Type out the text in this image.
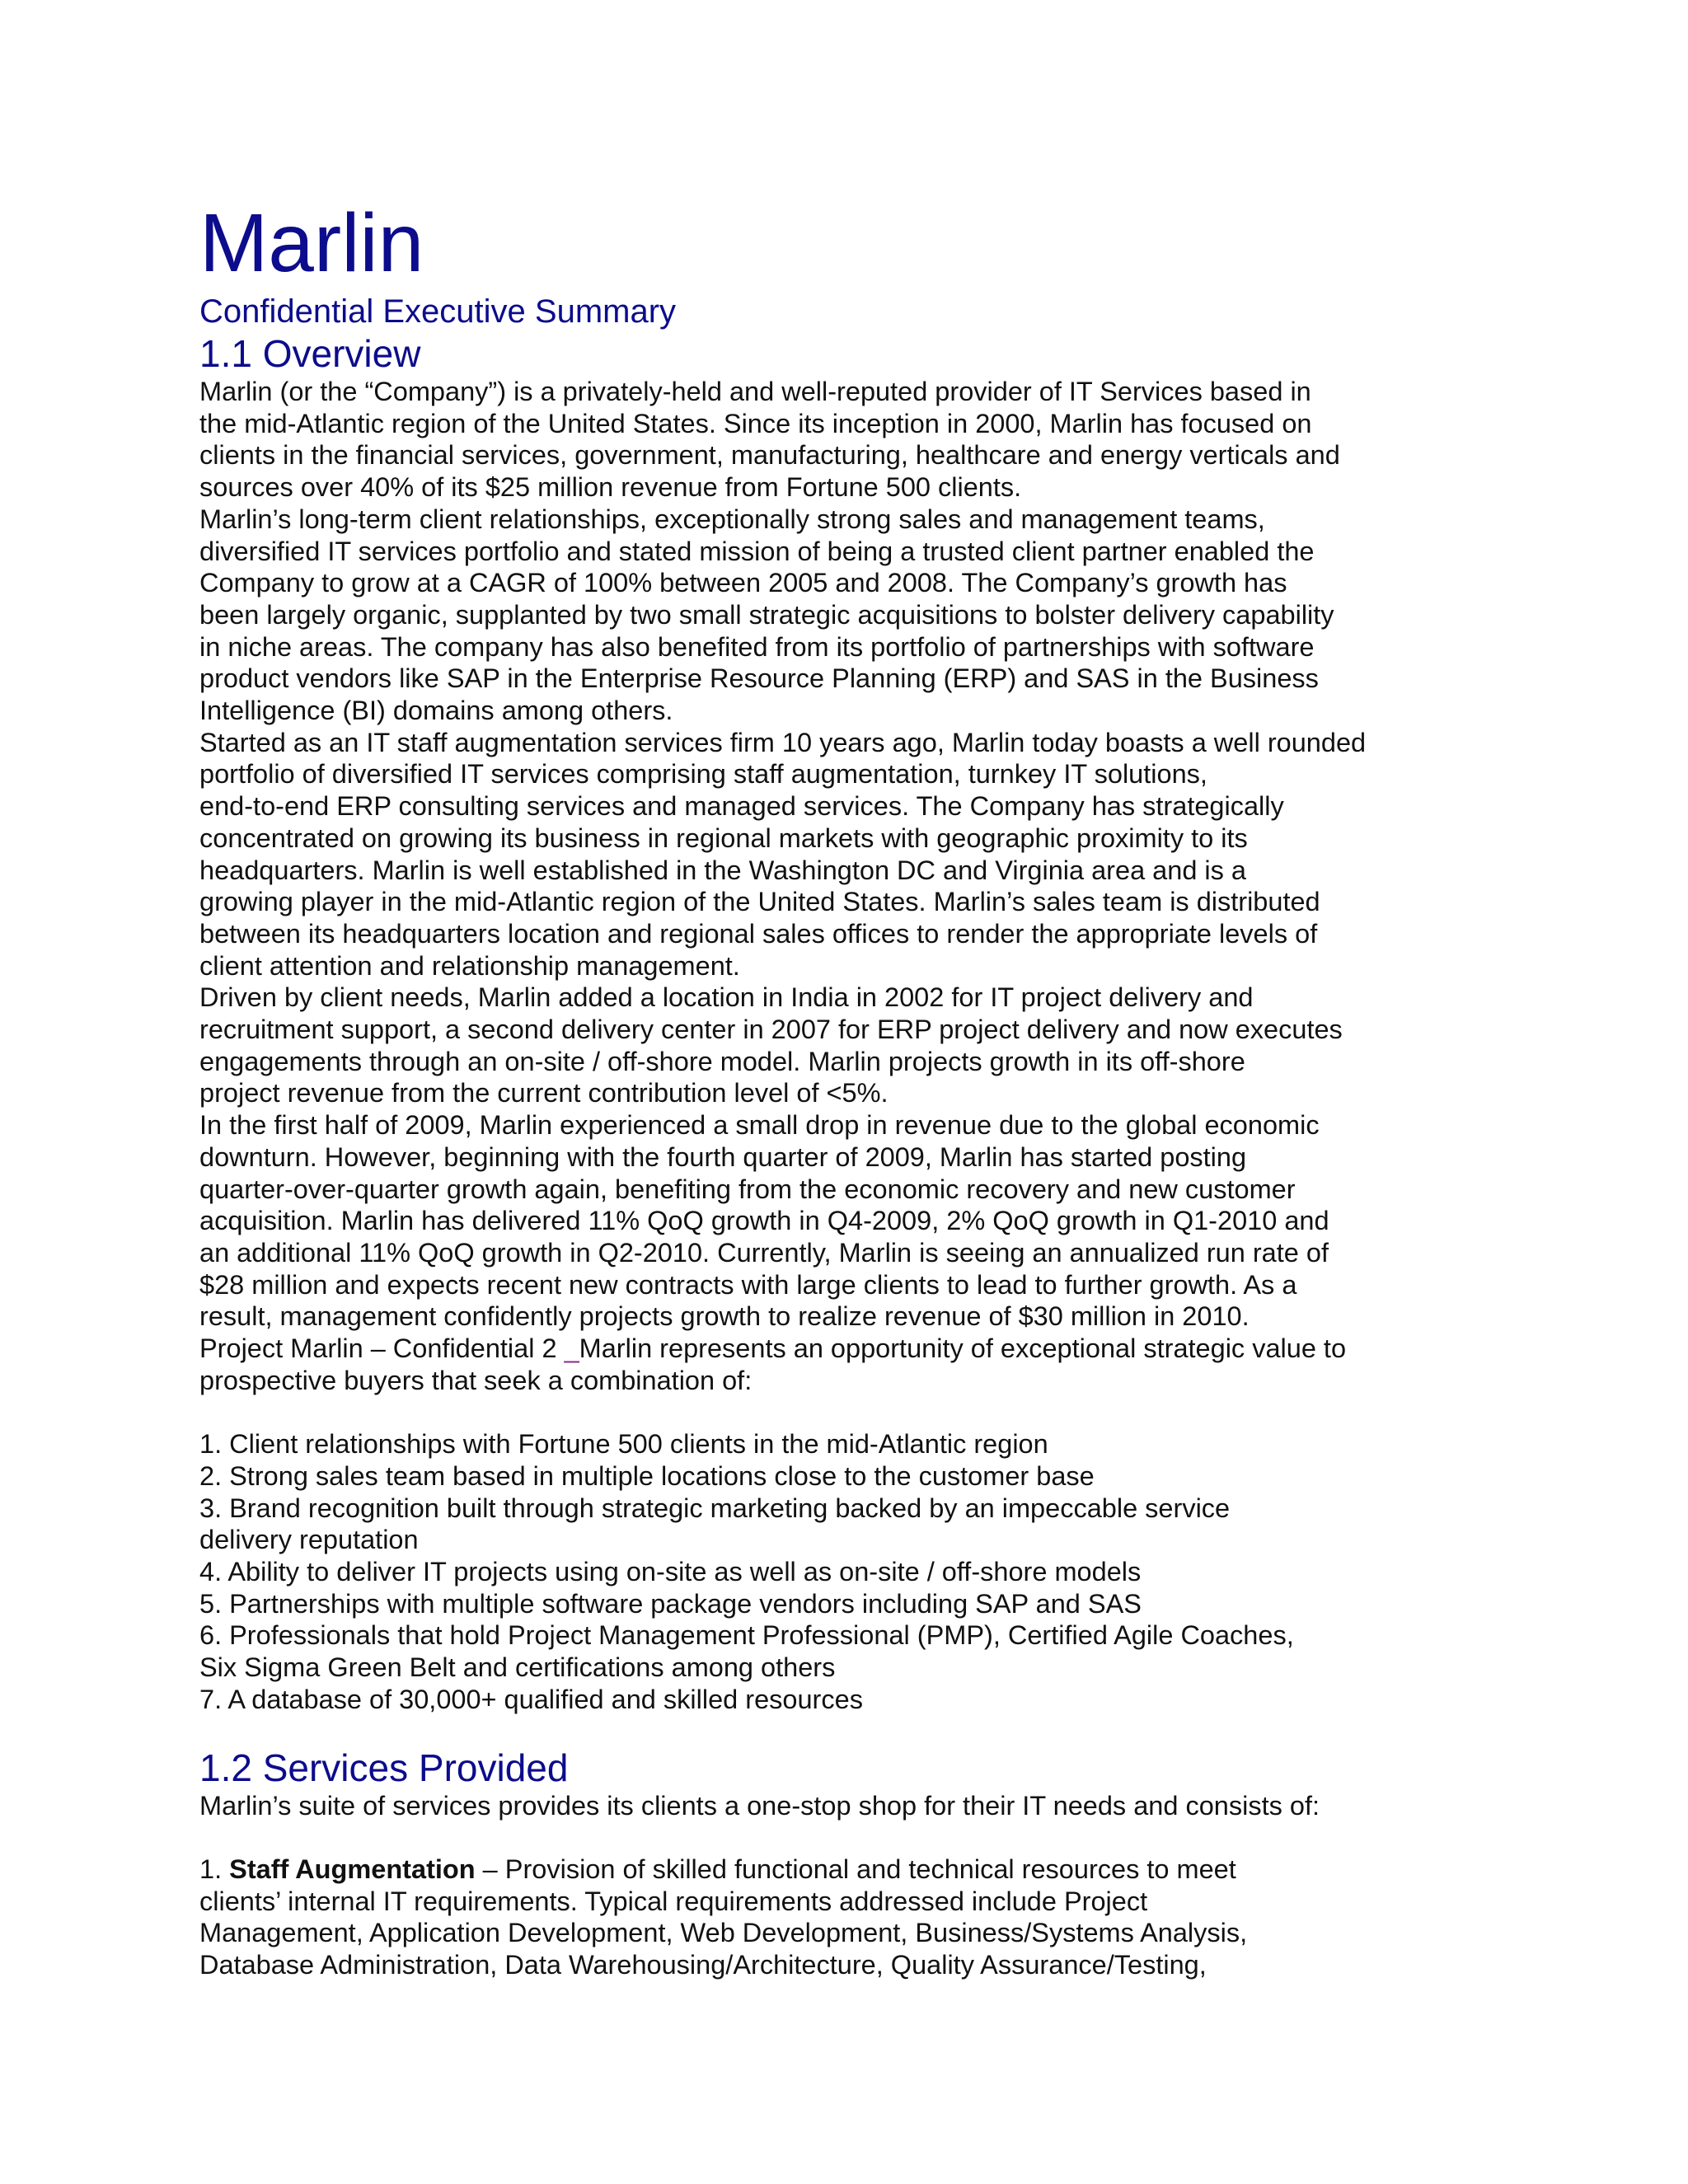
Marlin
Confidential Executive Summary
1.1 Overview

Marlin (or the “Company”) is a privately-held and well-reputed provider of IT Services based in

the mid-Atlantic region of the United States. Since its inception in 2000, Marlin has focused on

clients in the financial services, government, manufacturing, healthcare and energy verticals and

sources over 40% of its $25 million revenue from Fortune 500 clients.

Marlin’s long-term client relationships, exceptionally strong sales and management teams,

diversified IT services portfolio and stated mission of being a trusted client partner enabled the

Company to grow at a CAGR of 100% between 2005 and 2008. The Company’s growth has

been largely organic, supplanted by two small strategic acquisitions to bolster delivery capability

in niche areas. The company has also benefited from its portfolio of partnerships with software

product vendors like SAP in the Enterprise Resource Planning (ERP) and SAS in the Business

Intelligence (BI) domains among others.

Started as an IT staff augmentation services firm 10 years ago, Marlin today boasts a well rounded

portfolio of diversified IT services comprising staff augmentation, turnkey IT solutions,

end-to-end ERP consulting services and managed services. The Company has strategically

concentrated on growing its business in regional markets with geographic proximity to its

headquarters. Marlin is well established in the Washington DC and Virginia area and is a

growing player in the mid-Atlantic region of the United States. Marlin’s sales team is distributed

between its headquarters location and regional sales offices to render the appropriate levels of

client attention and relationship management.

Driven by client needs, Marlin added a location in India in 2002 for IT project delivery and

recruitment support, a second delivery center in 2007 for ERP project delivery and now executes

engagements through an on-site / off-shore model. Marlin projects growth in its off-shore

project revenue from the current contribution level of <5%.

In the first half of 2009, Marlin experienced a small drop in revenue due to the global economic

downturn. However, beginning with the fourth quarter of 2009, Marlin has started posting

quarter-over-quarter growth again, benefiting from the economic recovery and new customer

acquisition. Marlin has delivered 11% QoQ growth in Q4-2009, 2% QoQ growth in Q1-2010 and

an additional 11% QoQ growth in Q2-2010. Currently, Marlin is seeing an annualized run rate of

$28 million and expects recent new contracts with large clients to lead to further growth. As a

result, management confidently projects growth to realize revenue of $30 million in 2010.

Project Marlin – Confidential 2 _Marlin represents an opportunity of exceptional strategic value to

prospective buyers that seek a combination of:

1. Client relationships with Fortune 500 clients in the mid-Atlantic region

2. Strong sales team based in multiple locations close to the customer base

3. Brand recognition built through strategic marketing backed by an impeccable service

delivery reputation

4. Ability to deliver IT projects using on-site as well as on-site / off-shore models

5. Partnerships with multiple software package vendors including SAP and SAS

6. Professionals that hold Project Management Professional (PMP), Certified Agile Coaches,

Six Sigma Green Belt and certifications among others

7. A database of 30,000+ qualified and skilled resources

1.2 Services Provided

Marlin’s suite of services provides its clients a one-stop shop for their IT needs and consists of:

1. Staff Augmentation – Provision of skilled functional and technical resources to meet

clients’ internal IT requirements. Typical requirements addressed include Project

Management, Application Development, Web Development, Business/Systems Analysis,

Database Administration, Data Warehousing/Architecture, Quality Assurance/Testing,
